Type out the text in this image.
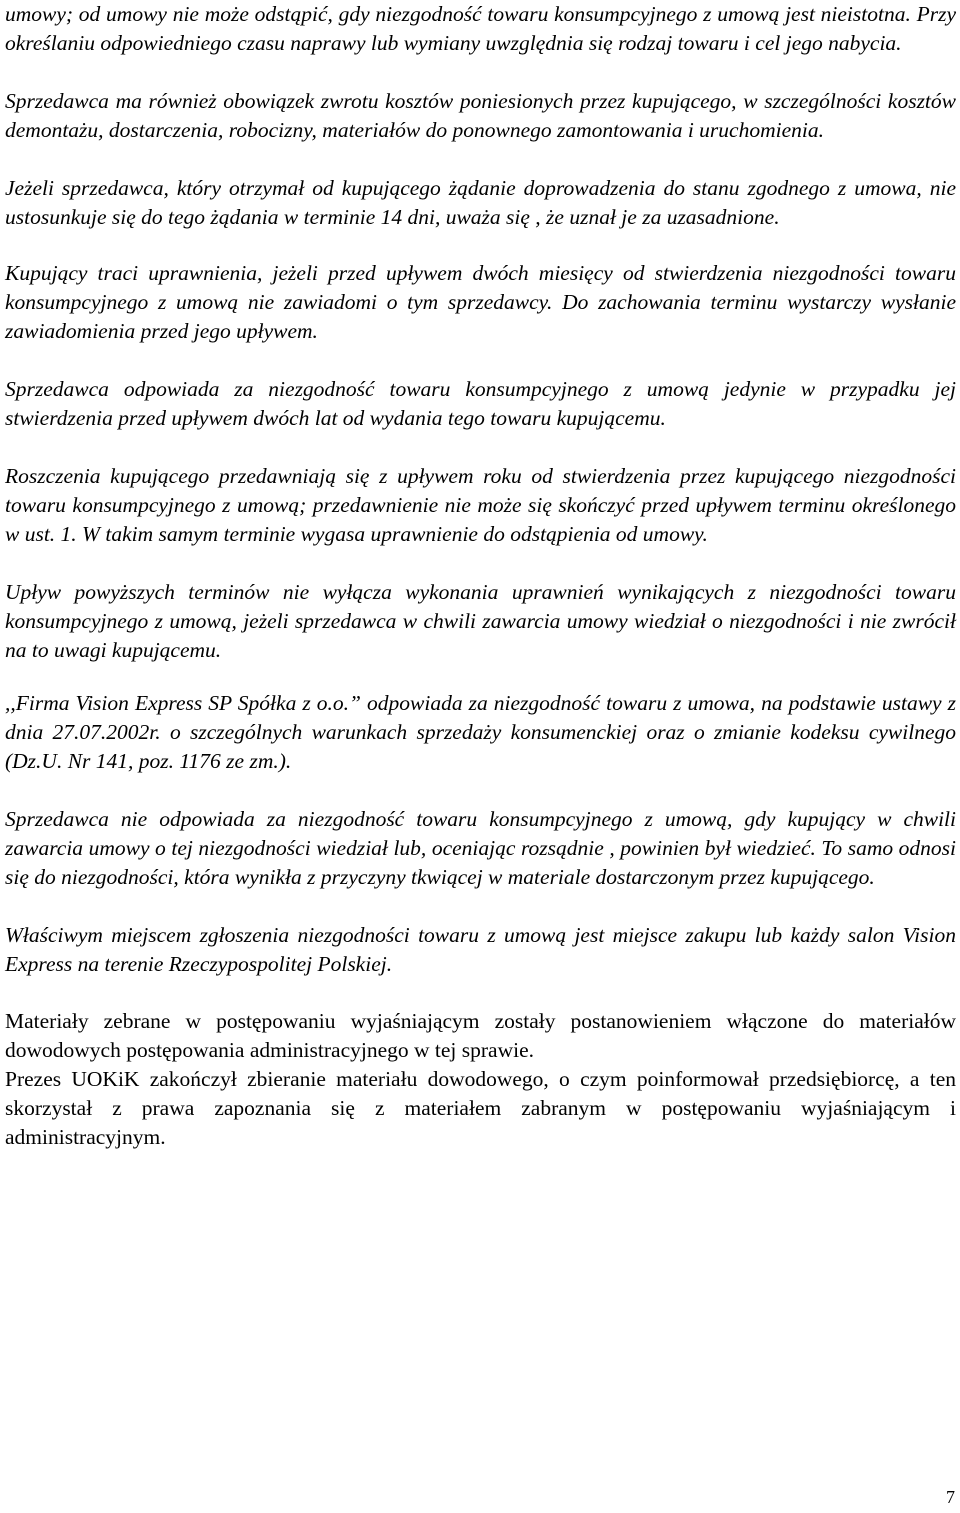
umowy; od umowy nie może odstąpić, gdy niezgodność towaru konsumpcyjnego z umową jest nieistotna. Przy określaniu odpowiedniego czasu naprawy lub wymiany uwzględnia się rodzaj towaru i cel jego nabycia.

Sprzedawca ma również obowiązek zwrotu kosztów poniesionych przez kupującego, w szczególności kosztów demontażu, dostarczenia, robocizny, materiałów do ponownego zamontowania i uruchomienia.

Jeżeli sprzedawca, który otrzymał od kupującego żądanie doprowadzenia do stanu zgodnego z umowa, nie ustosunkuje się do tego żądania w terminie 14 dni, uważa się , że uznał je za uzasadnione.

Kupujący traci uprawnienia, jeżeli przed upływem dwóch miesięcy od stwierdzenia niezgodności towaru konsumpcyjnego z umową nie zawiadomi o tym sprzedawcy. Do zachowania terminu wystarczy wysłanie zawiadomienia przed jego upływem.

Sprzedawca odpowiada za niezgodność towaru konsumpcyjnego z umową jedynie w przypadku jej stwierdzenia przed upływem dwóch lat od wydania tego towaru kupującemu.

Roszczenia kupującego przedawniają się z upływem roku od stwierdzenia przez kupującego niezgodności towaru konsumpcyjnego z umową; przedawnienie nie może się skończyć przed upływem terminu określonego w ust. 1. W takim samym terminie wygasa uprawnienie do odstąpienia od umowy.

Upływ powyższych terminów nie wyłącza wykonania uprawnień wynikających z niezgodności towaru konsumpcyjnego z umową, jeżeli sprzedawca w chwili zawarcia umowy wiedział o niezgodności i nie zwrócił na to uwagi kupującemu.

,,Firma Vision Express SP Spółka z o.o.” odpowiada za niezgodność towaru z umowa, na podstawie ustawy z dnia 27.07.2002r. o szczególnych warunkach sprzedaży konsumenckiej oraz o zmianie kodeksu cywilnego (Dz.U. Nr 141, poz. 1176 ze zm.).

Sprzedawca nie odpowiada za niezgodność towaru konsumpcyjnego z umową, gdy kupujący w chwili zawarcia umowy o tej niezgodności wiedział lub, oceniając rozsądnie , powinien był wiedzieć. To samo odnosi się do niezgodności, która wynikła z przyczyny tkwiącej w materiale dostarczonym przez kupującego.

Właściwym miejscem zgłoszenia niezgodności towaru z umową jest miejsce zakupu lub każdy salon Vision Express na terenie Rzeczypospolitej Polskiej.

Materiały zebrane w postępowaniu wyjaśniającym zostały postanowieniem włączone do materiałów dowodowych postępowania administracyjnego w tej sprawie.

Prezes UOKiK zakończył zbieranie materiału dowodowego, o czym poinformował przedsiębiorcę, a ten skorzystał z prawa zapoznania się z materiałem zabranym w postępowaniu wyjaśniającym i administracyjnym.

7
